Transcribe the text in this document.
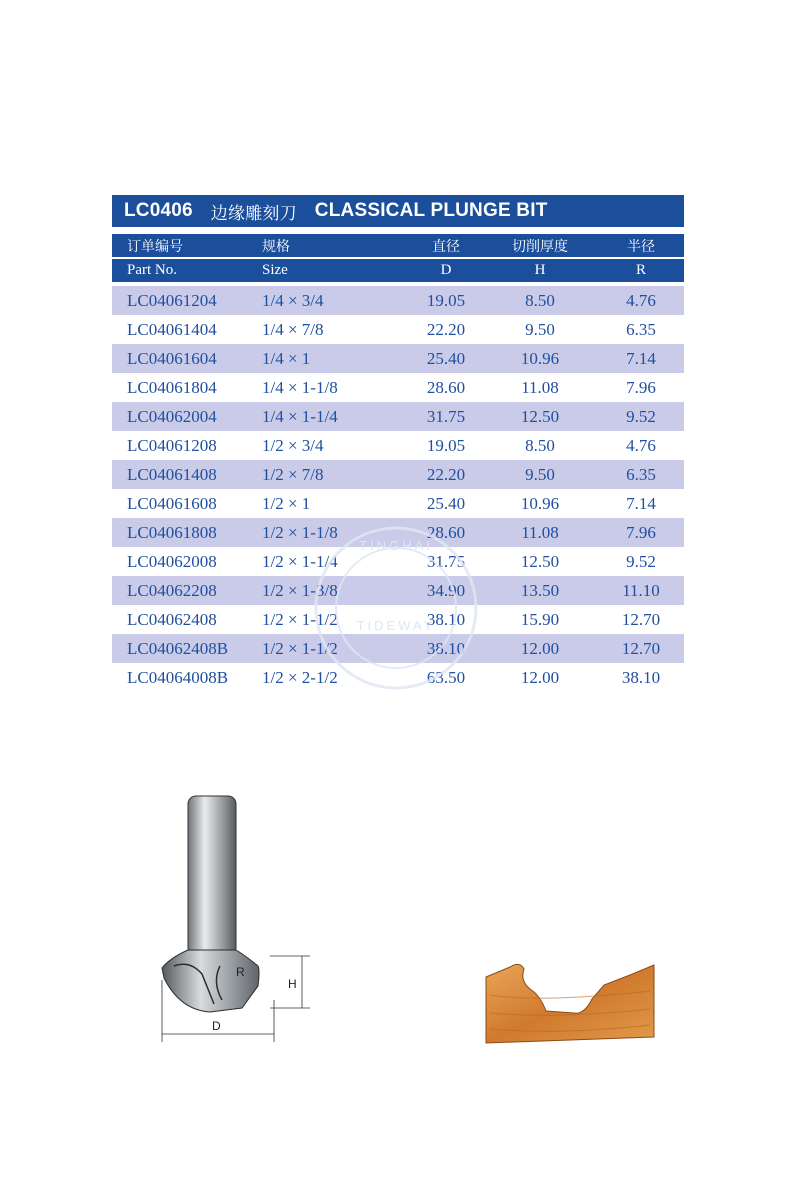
LC0406 边缘雕刻刀 CLASSICAL PLUNGE BIT
订单编号	规格	直径	切削厚度	半径
Part No.	Size	D	H	R
LC04061204	1/4 × 3/4	19.05	8.50	4.76
LC04061404	1/4 × 7/8	22.20	9.50	6.35
LC04061604	1/4 × 1	25.40	10.96	7.14
LC04061804	1/4 × 1-1/8	28.60	11.08	7.96
LC04062004	1/4 × 1-1/4	31.75	12.50	9.52
LC04061208	1/2 × 3/4	19.05	8.50	4.76
LC04061408	1/2 × 7/8	22.20	9.50	6.35
LC04061608	1/2 × 1	25.40	10.96	7.14
LC04061808	1/2 × 1-1/8	28.60	11.08	7.96
LC04062008	1/2 × 1-1/4	31.75	12.50	9.52
LC04062208	1/2 × 1-3/8	34.90	13.50	11.10
LC04062408	1/2 × 1-1/2	38.10	15.90	12.70
LC04062408B	1/2 × 1-1/2	38.10	12.00	12.70
LC04064008B	1/2 × 2-1/2	63.50	12.00	38.10
TINGHAI
TIDEWAY
R
H
D
